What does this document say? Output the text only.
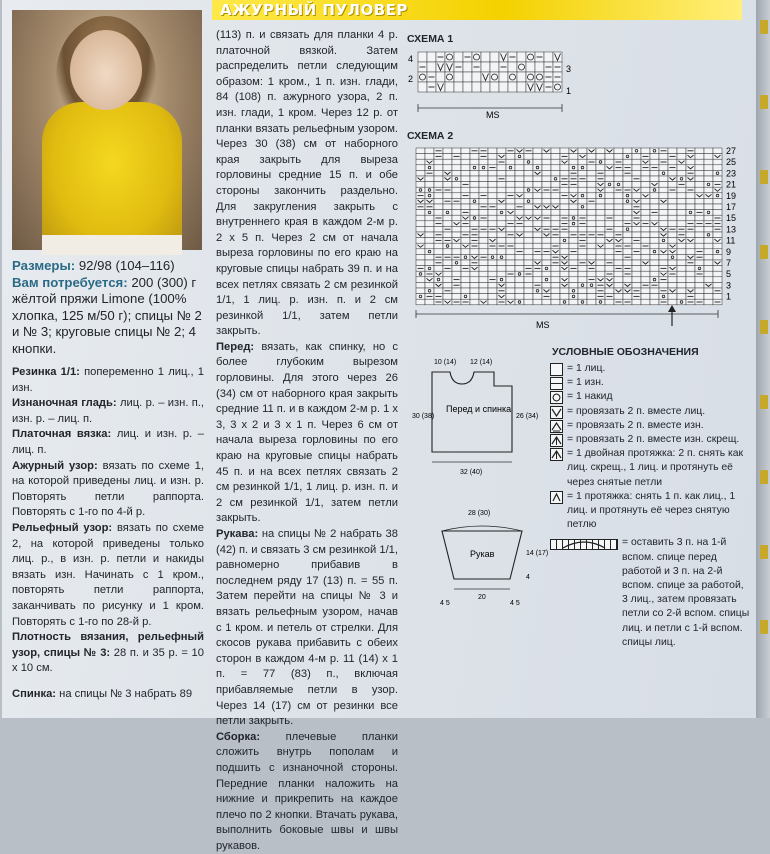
АЖУРНЫЙ ПУЛОВЕР

Размеры: 92/98 (104–116)

Вам потребуется: 200 (300) г жёлтой пряжи Limone (100% хлопка, 125 м/50 г); спицы № 2 и № 3; круговые спицы № 2; 4 кнопки.

Резинка 1/1: попеременно 1 лиц., 1 изн.

Изнаночная гладь: лиц. р. – изн. п., изн. р. – лиц. п.

Платочная вязка: лиц. и изн. р. – лиц. п.

Ажурный узор: вязать по схеме 1, на которой приведены лиц. и изн. р. Повторять петли раппорта. Повторять с 1-го по 4-й р.

Рельефный узор: вязать по схеме 2, на которой приведены только лиц. р., в изн. р. петли и накиды вязать изн. Начинать с 1 кром., повторять петли раппорта, заканчивать по рисунку и 1 кром. Повторять с 1-го по 28-й р.

Плотность вязания, рельефный узор, спицы № 3: 28 п. и 35 р. = 10 x 10 см.

Спинка: на спицы № 3 набрать 89

(113) п. и связать для планки 4 р. платочной вязкой. Затем распределить петли следующим образом: 1 кром., 1 п. изн. глади, 84 (108) п. ажурного узора, 2 п. изн. глади, 1 кром. Через 12 р. от планки вязать рельефным узором. Через 30 (38) см от наборного края закрыть для выреза горловины средние 15 п. и обе стороны закончить раздельно. Для закругления закрыть с внутреннего края в каждом 2-м р. 2 x 5 п. Через 2 см от начала выреза горловины по его краю на круговые спицы набрать 39 п. и на всех петлях связать 2 см резинкой 1/1, 1 лиц. р. изн. п. и 2 см резинкой 1/1, затем петли закрыть.

Перед: вязать, как спинку, но с более глубоким вырезом горловины. Для этого через 26 (34) см от наборного края закрыть средние 11 п. и в каждом 2-м р. 1 x 3, 3 x 2 и 3 x 1 п. Через 6 см от начала выреза горловины по его краю на круговые спицы набрать 45 п. и на всех петлях связать 2 см резинкой 1/1, 1 лиц. р. изн. п. и 2 см резинкой 1/1, затем петли закрыть.

Рукава: на спицы № 2 набрать 38 (42) п. и связать 3 см резинкой 1/1, равномерно прибавив в последнем ряду 17 (13) п. = 55 п. Затем перейти на спицы № 3 и вязать рельефным узором, начав с 1 кром. и петель от стрелки. Для скосов рукава прибавить с обеих сторон в каждом 4-м р. 11 (14) x 1 п. = 77 (83) п., включая прибавляемые петли в узор. Через 14 (17) см от резинки все петли закрыть.

Сборка: плечевые планки сложить внутрь пополам и подшить с изнаночной стороны. Передние планки наложить на нижние и прикрепить на каждое плечо по 2 кнопки. Втачать рукава, выполнить боковые швы и швы рукавов.

СХЕМА 1
4
3
2
1
MS
СХЕМА 2
27
25
23
21
19
17
15
13
11
9
7
5
3
1
MS
Перед и спинка
10 (14) 12 (14)
30 (38)	26 (34)
32 (40)
Рукав
28 (30)
14 (17)
4
20
4 5	4 5
УСЛОВНЫЕ ОБОЗНАЧЕНИЯ
= 1 лиц.
= 1 изн.
= 1 накид
= провязать 2 п. вместе лиц.
= провязать 2 п. вместе изн.
= провязать 2 п. вместе изн. скрещ.
= 1 двойная протяжка: 2 п. снять как лиц. скрещ., 1 лиц. и протянуть её через снятые петли
= 1 протяжка: снять 1 п. как лиц., 1 лиц. и протянуть её через снятую петлю
= оставить 3 п. на 1-й вспом. спице перед работой и 3 п. на 2-й вспом. спице за работой, 3 лиц., затем провязать петли со 2-й вспом. спицы лиц. и петли с 1-й вспом. спицы лиц.
